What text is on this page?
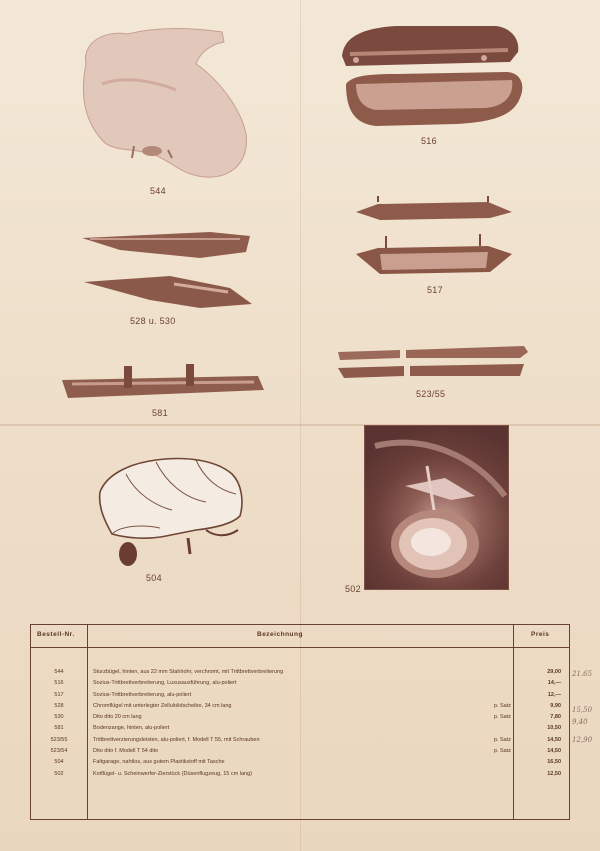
544
516
528 u. 530
517
581
523/55
504
502
Bestell-Nr.	Bezeichnung	Preis
544	Sturzbügel, hinten, aus 22 mm Stahlrohr, verchromt, mit Trittbrettverbreiterung	29,00
516	Sozius-Trittbrettverbreiterung, Luxusausführung, alu-poliert	14,—
517	Sozius-Trittbrettverbreiterung, alu-poliert	12,—
528	Chromflügel mit unterlegter Zellulolidscheibe, 34 cm lang	p. Satz	9,90
530	Dito dito 20 cm lang	p. Satz	7,80
581	Bodenzange, hinten, alu-poliert	10,50
523/55	Trittbrettverzierungsleisten, alu-poliert, f. Modell T 55, mit Schrauben	p. Satz	14,50
523/54	Dito dito f. Modell T 54 dito	p. Satz	14,50
504	Faltgarage, nahtlos, aus gutem Plastikstoff mit Tasche	16,50
502	Kotflügel- u. Scheinwerfer-Zierstück (Düsenflugzeug, 15 cm lang)	12,50
21.65
15,50
9,40
12,90
